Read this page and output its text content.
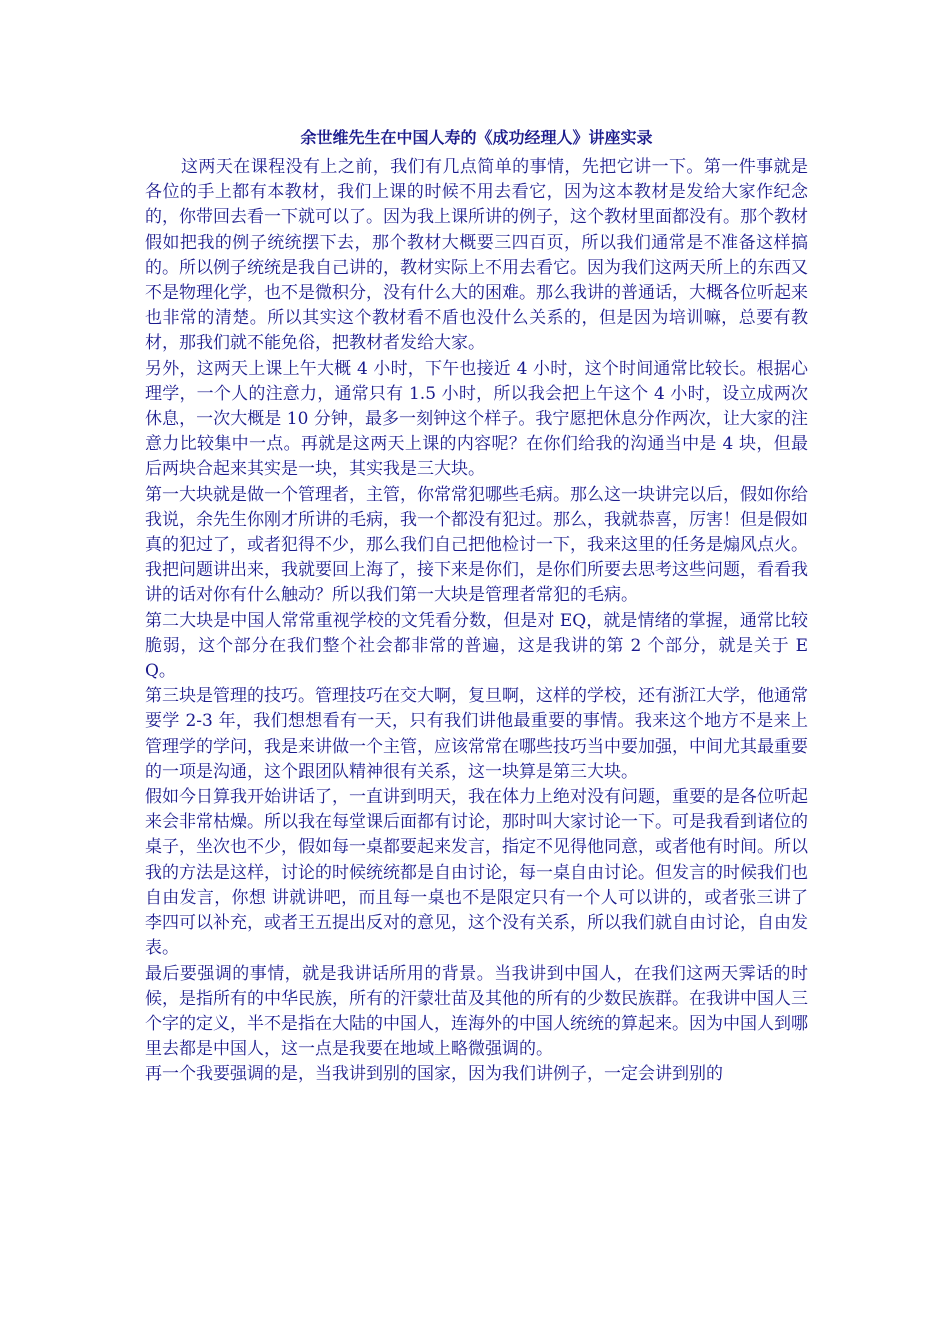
余世维先生在中国人寿的《成功经理人》讲座实录

这两天在课程没有上之前，我们有几点简单的事情，先把它讲一下。第一件事就是各位的手上都有本教材，我们上课的时候不用去看它，因为这本教材是发给大家作纪念的，你带回去看一下就可以了。因为我上课所讲的例子，这个教材里面都没有。那个教材假如把我的例子统统摆下去，那个教材大概要三四百页，所以我们通常是不准备这样搞的。所以例子统统是我自己讲的，教材实际上不用去看它。因为我们这两天所上的东西又不是物理化学，也不是微积分，没有什么大的困难。那么我讲的普通话，大概各位听起来也非常的清楚。所以其实这个教材看不盾也没什么关系的，但是因为培训嘛，总要有教材，那我们就不能免俗，把教材者发给大家。

另外，这两天上课上午大概 4 小时，下午也接近 4 小时，这个时间通常比较长。根据心理学，一个人的注意力，通常只有 1.5 小时，所以我会把上午这个 4 小时，设立成两次休息，一次大概是 10 分钟，最多一刻钟这个样子。我宁愿把休息分作两次，让大家的注意力比较集中一点。再就是这两天上课的内容呢？在你们给我的沟通当中是 4 块，但最后两块合起来其实是一块，其实我是三大块。

第一大块就是做一个管理者，主管，你常常犯哪些毛病。那么这一块讲完以后，假如你给我说，余先生你刚才所讲的毛病，我一个都没有犯过。那么，我就恭喜，厉害！但是假如真的犯过了，或者犯得不少，那么我们自己把他检讨一下，我来这里的任务是煽风点火。我把问题讲出来，我就要回上海了，接下来是你们，是你们所要去思考这些问题，看看我讲的话对你有什么触动？所以我们第一大块是管理者常犯的毛病。

第二大块是中国人常常重视学校的文凭看分数，但是对 EQ，就是情绪的掌握，通常比较脆弱，这个部分在我们整个社会都非常的普遍，这是我讲的第 2 个部分，就是关于 EQ。

第三块是管理的技巧。管理技巧在交大啊，复旦啊，这样的学校，还有浙江大学，他通常要学 2-3 年，我们想想看有一天，只有我们讲他最重要的事情。我来这个地方不是来上管理学的学问，我是来讲做一个主管，应该常常在哪些技巧当中要加强，中间尤其最重要的一项是沟通，这个跟团队精神很有关系，这一块算是第三大块。

假如今日算我开始讲话了，一直讲到明天，我在体力上绝对没有问题，重要的是各位听起来会非常枯燥。所以我在每堂课后面都有讨论，那时叫大家讨论一下。可是我看到诸位的桌子，坐次也不少，假如每一桌都要起来发言，指定不见得他同意，或者他有时间。所以我的方法是这样，讨论的时候统统都是自由讨论，每一桌自由讨论。但发言的时候我们也自由发言，你想 讲就讲吧，而且每一桌也不是限定只有一个人可以讲的，或者张三讲了李四可以补充，或者王五提出反对的意见，这个没有关系，所以我们就自由讨论，自由发表。

最后要强调的事情，就是我讲话所用的背景。当我讲到中国人，在我们这两天霁话的时候，是指所有的中华民族，所有的汗蒙壮苗及其他的所有的少数民族群。在我讲中国人三个字的定义，半不是指在大陆的中国人，连海外的中国人统统的算起来。因为中国人到哪里去都是中国人，这一点是我要在地域上略微强调的。

再一个我要强调的是，当我讲到别的国家，因为我们讲例子，一定会讲到别的
